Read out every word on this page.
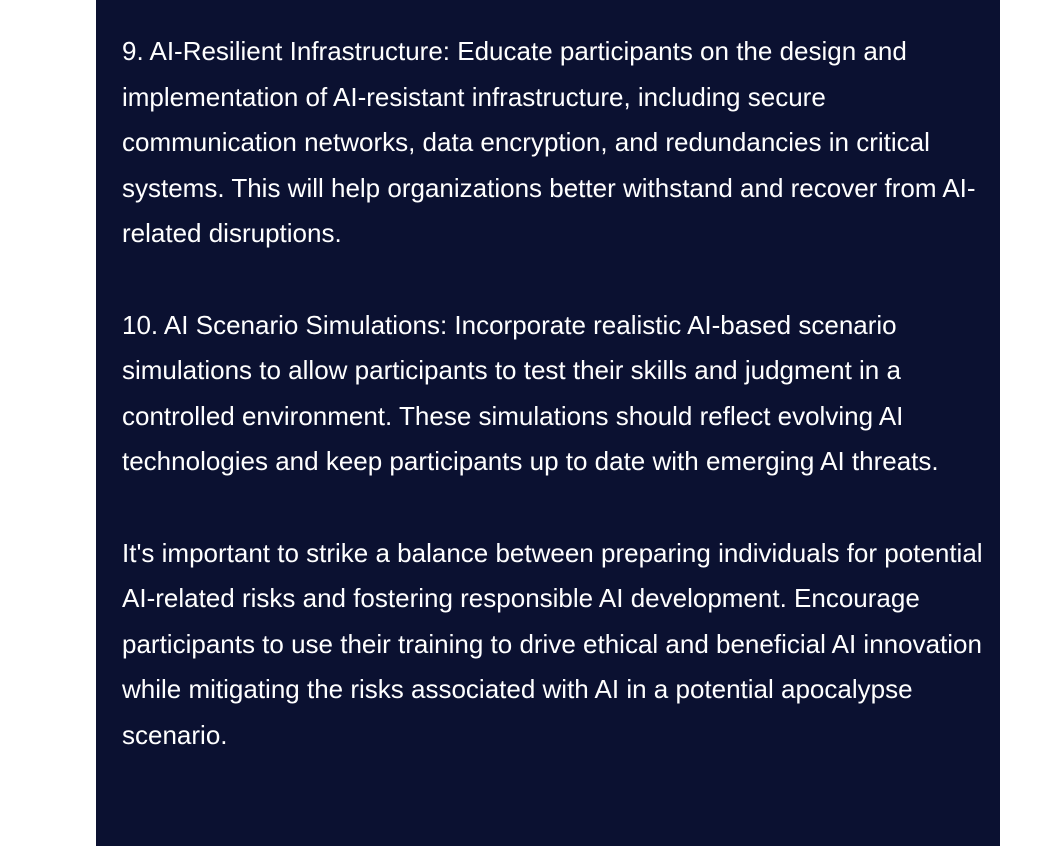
9. AI-Resilient Infrastructure: Educate participants on the design and implementation of AI-resistant infrastructure, including secure communication networks, data encryption, and redundancies in critical systems. This will help organizations better withstand and recover from AI-related disruptions.

10. AI Scenario Simulations: Incorporate realistic AI-based scenario simulations to allow participants to test their skills and judgment in a controlled environment. These simulations should reflect evolving AI technologies and keep participants up to date with emerging AI threats.

It's important to strike a balance between preparing individuals for potential AI-related risks and fostering responsible AI development. Encourage participants to use their training to drive ethical and beneficial AI innovation while mitigating the risks associated with AI in a potential apocalypse scenario.
